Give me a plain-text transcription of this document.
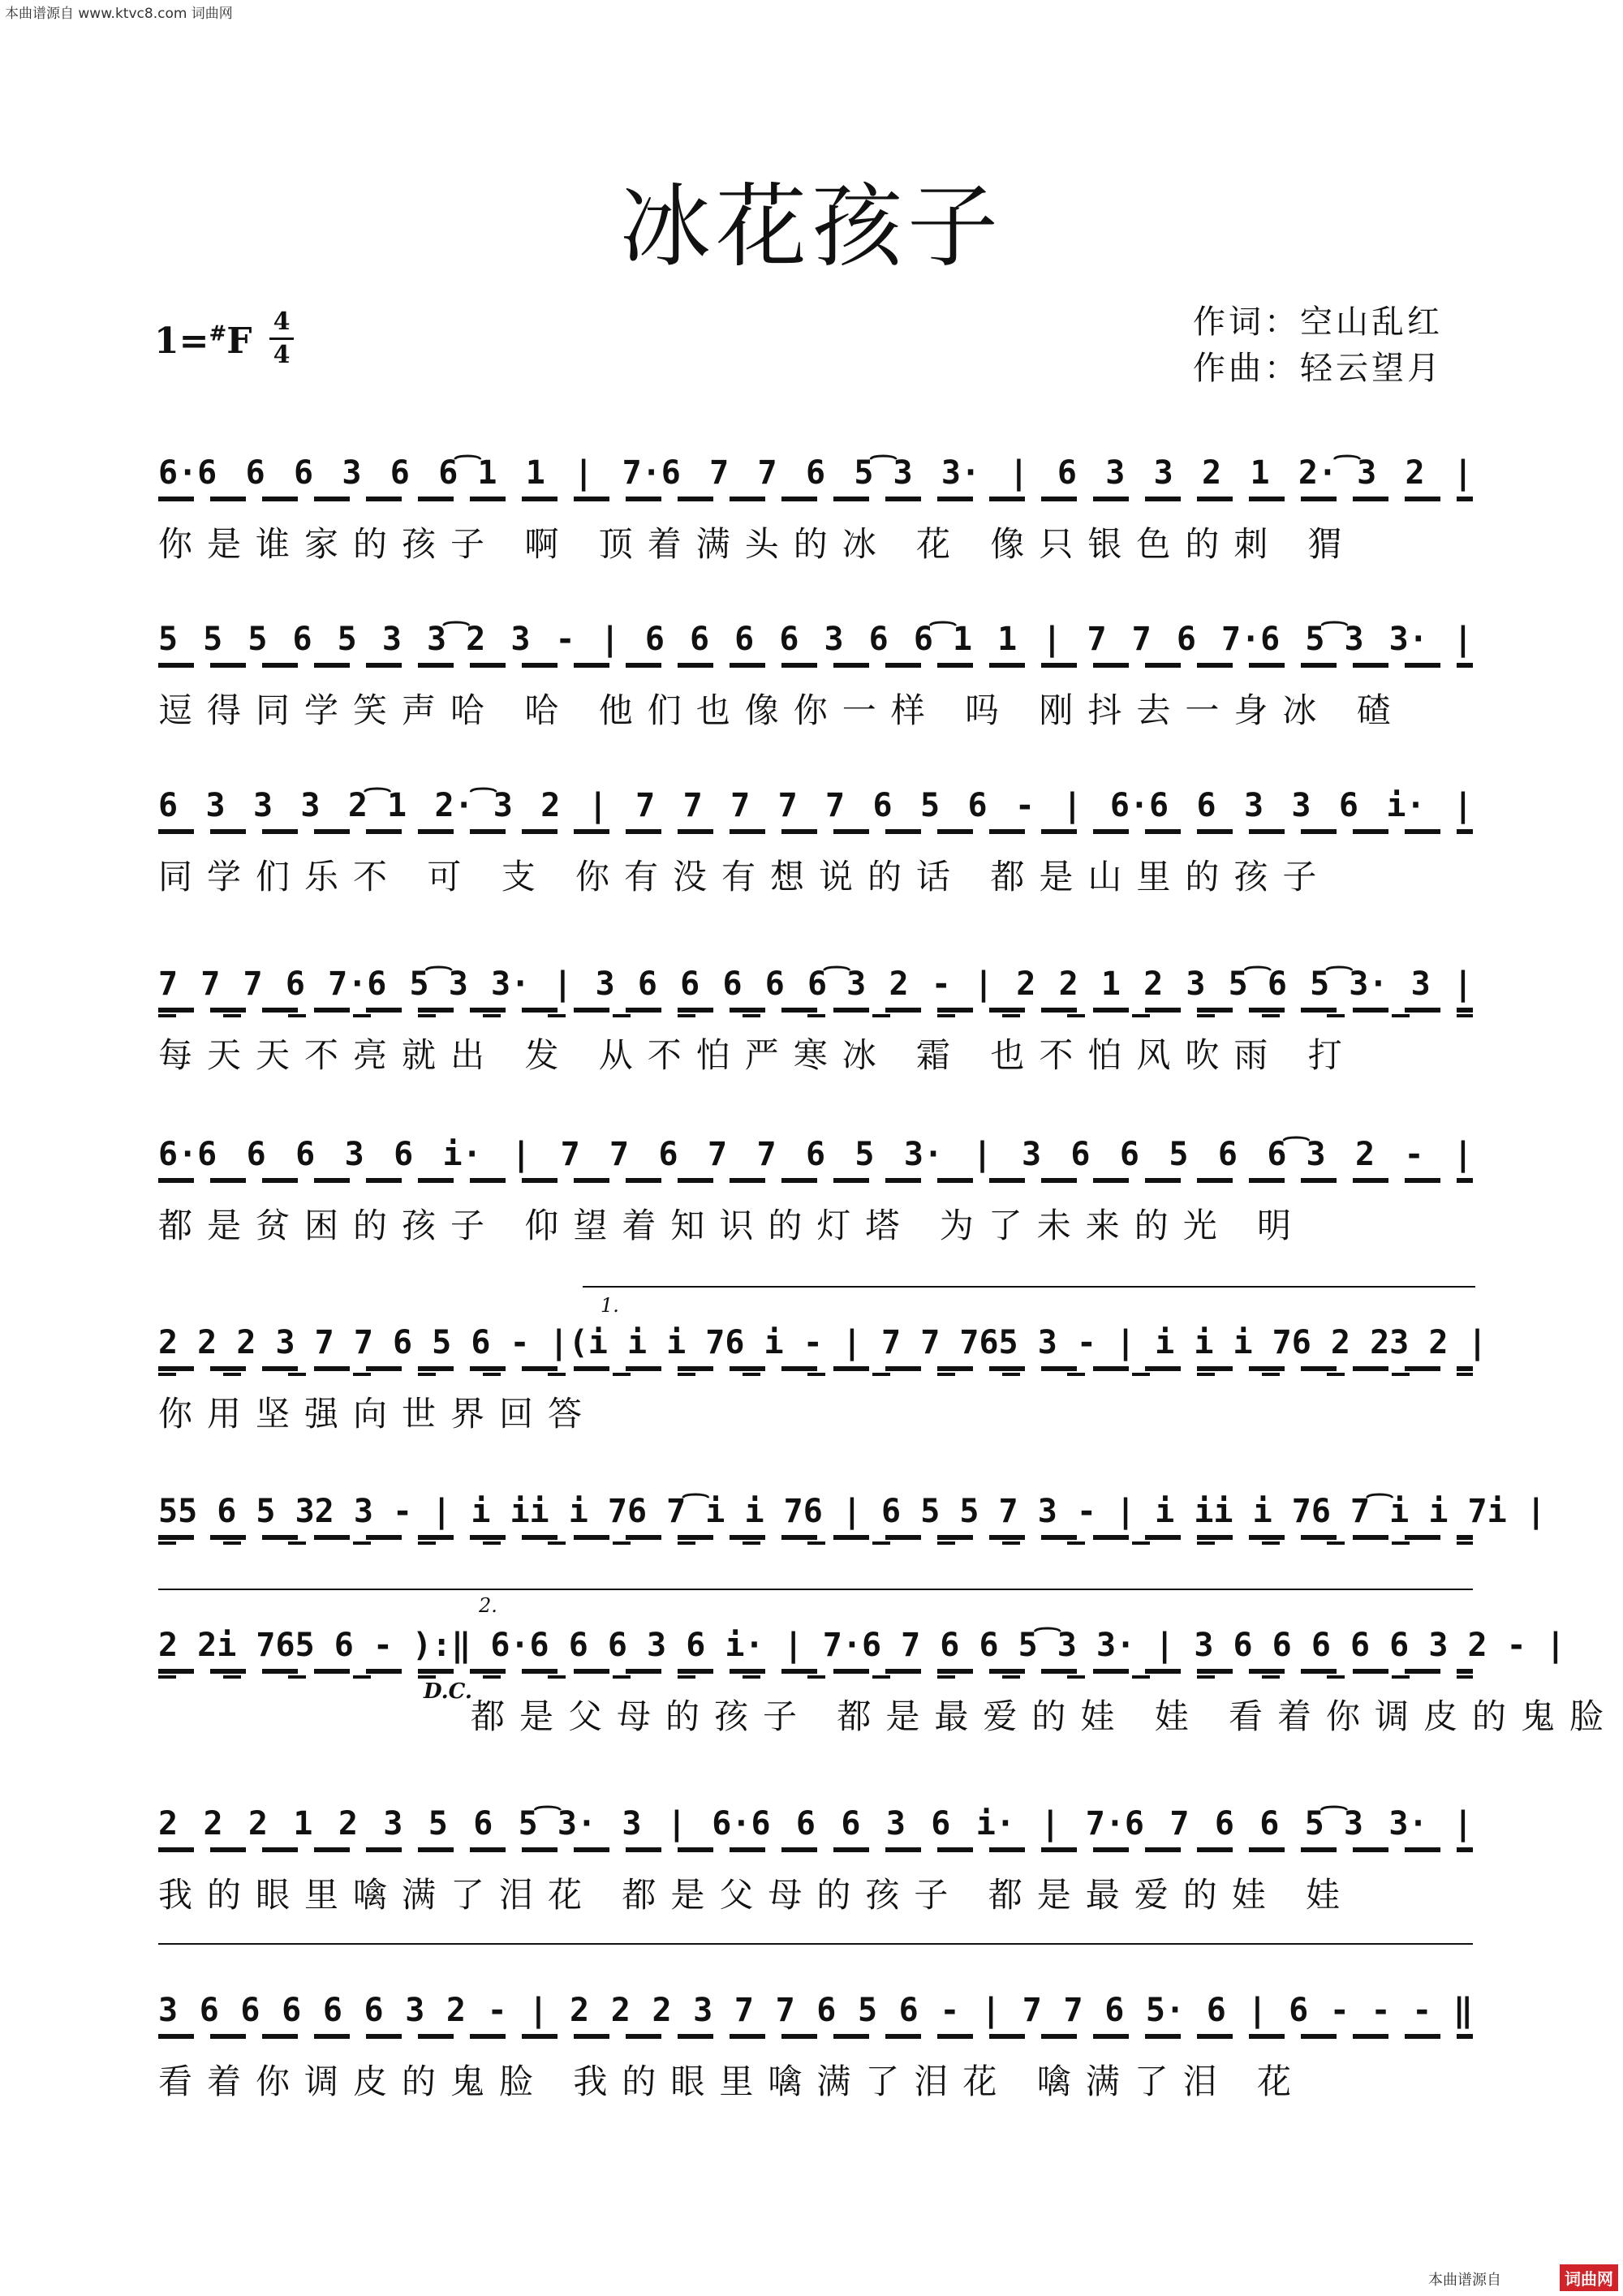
本曲谱源自 www.ktvc8.com 词曲网
冰花孩子
1=#F 4
4
作词：空山乱红
作曲：轻云望月
6·6 6 6 3 6 6͡1 1 | 7·6 7 7 6 5͡3 3· | 6 3 3 2 1 2·͡3 2 |
你是谁家的孩子 啊 顶着满头的冰 花 像只银色的刺 猬
5 5 5 6 5 3 3͡2 3 - | 6 6 6 6 3 6 6͡1 1 | 7 7 6 7·6 5͡3 3· |
逗得同学笑声哈 哈 他们也像你一样 吗 刚抖去一身冰 碴
6 3 3 3 2͡1 2·͡3 2 | 7 7 7 7 7 6 5 6 - | 6·6 6 3 3 6 i· |
同学们乐不 可 支 你有没有想说的话 都是山里的孩子
7 7 7 6 7·6 5͡3 3· | 3 6 6 6 6 6͡3 2 - | 2 2 1 2 3 5͡6 5͡3· 3 |
每天天不亮就出 发 从不怕严寒冰 霜 也不怕风吹雨 打
6·6 6 6 3 6 i· | 7 7 6 7 7 6 5 3· | 3 6 6 5 6 6͡3 2 - |
都是贫困的孩子 仰望着知识的灯塔 为了未来的光 明
1.
2 2 2 3 7 7 6 5 6 - |(i i i 76 i - | 7 7 765 3 - | i i i 76 2 23 2 |
你用坚强向世界回答
55 6 5 32 3 - | i ii i 76 7͡i i 76 | 6 5 5 7 3 - | i ii i 76 7͡i i 7i |
2.
2 2i 765 6 - ):‖ 6·6 6 6 3 6 i· | 7·6 7 6 6 5͡3 3· | 3 6 6 6 6 6 3 2 - |
都是父母的孩子 都是最爱的娃 娃 看着你调皮的鬼脸
D.C.
2 2 2 1 2 3 5 6 5͡3· 3 | 6·6 6 6 3 6 i· | 7·6 7 6 6 5͡3 3· |
我的眼里噙满了泪花 都是父母的孩子 都是最爱的娃 娃
3 6 6 6 6 6 3 2 - | 2 2 2 3 7 7 6 5 6 - | 7 7 6 5· 6 | 6 - - - ‖
看着你调皮的鬼脸 我的眼里噙满了泪花 噙满了泪 花
本曲谱源自	词曲网
